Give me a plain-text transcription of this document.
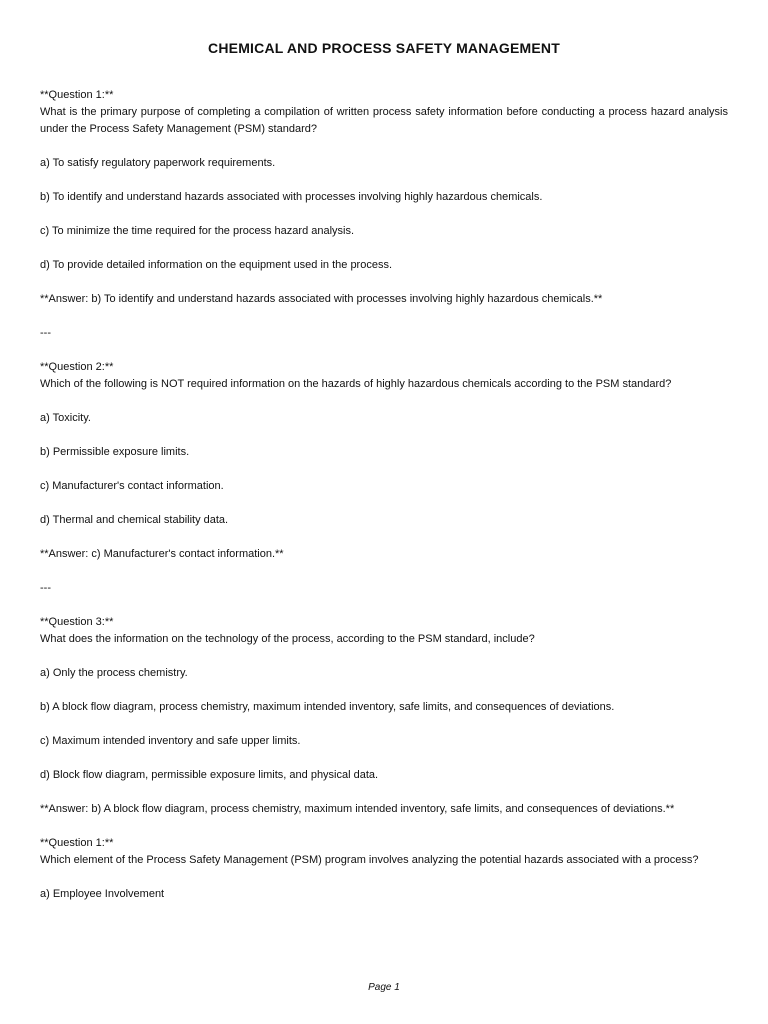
CHEMICAL AND PROCESS SAFETY MANAGEMENT

**Question 1:**

What is the primary purpose of completing a compilation of written process safety information before conducting a process hazard analysis under the Process Safety Management (PSM) standard?

a) To satisfy regulatory paperwork requirements.

b) To identify and understand hazards associated with processes involving highly hazardous chemicals.

c) To minimize the time required for the process hazard analysis.

d) To provide detailed information on the equipment used in the process.

**Answer: b) To identify and understand hazards associated with processes involving highly hazardous chemicals.**

---

**Question 2:**

Which of the following is NOT required information on the hazards of highly hazardous chemicals according to the PSM standard?

a) Toxicity.

b) Permissible exposure limits.

c) Manufacturer's contact information.

d) Thermal and chemical stability data.

**Answer: c) Manufacturer's contact information.**

---

**Question 3:**

What does the information on the technology of the process, according to the PSM standard, include?

a) Only the process chemistry.

b) A block flow diagram, process chemistry, maximum intended inventory, safe limits, and consequences of deviations.

c) Maximum intended inventory and safe upper limits.

d) Block flow diagram, permissible exposure limits, and physical data.

**Answer: b) A block flow diagram, process chemistry, maximum intended inventory, safe limits, and consequences of deviations.**

**Question 1:**

Which element of the Process Safety Management (PSM) program involves analyzing the potential hazards associated with a process?

a) Employee Involvement

Page 1
